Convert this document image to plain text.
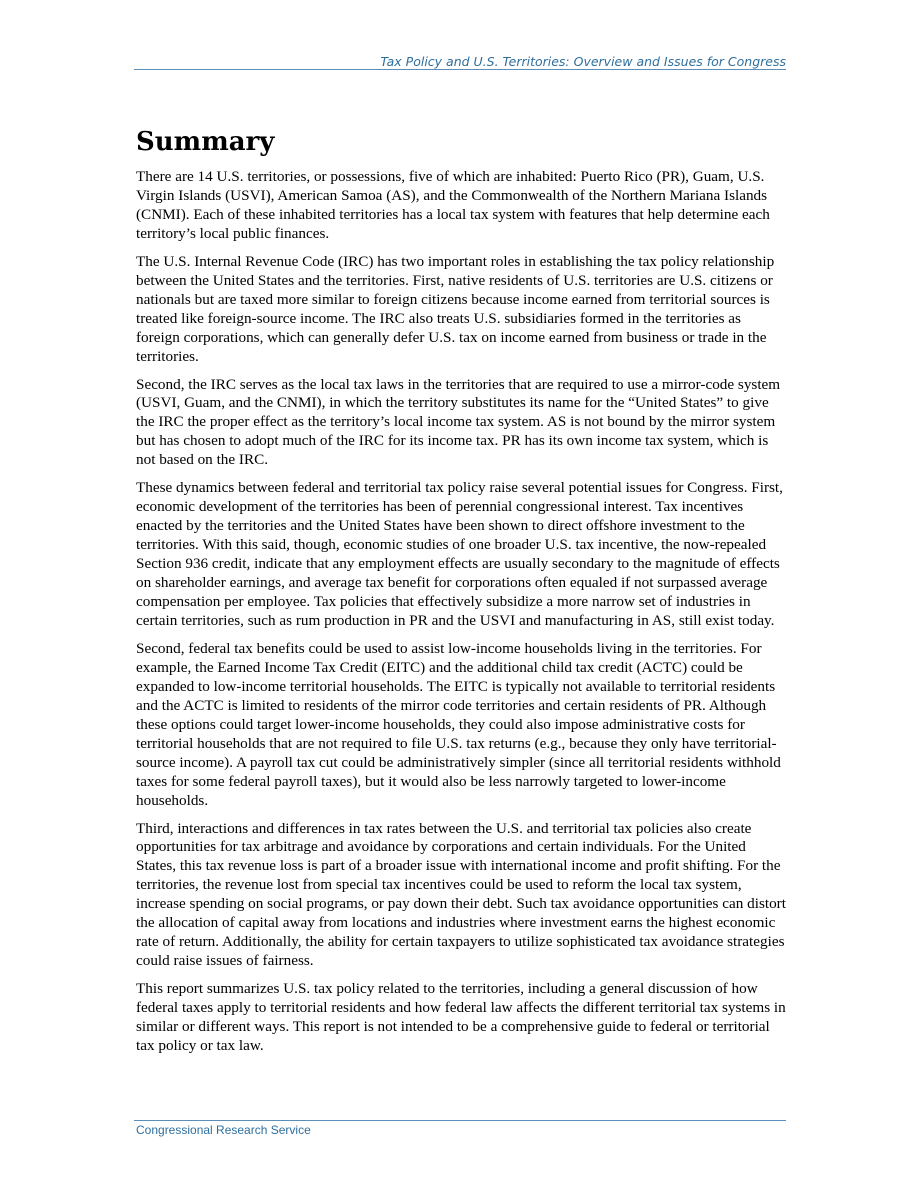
Tax Policy and U.S. Territories: Overview and Issues for Congress
Summary

There are 14 U.S. territories, or possessions, five of which are inhabited: Puerto Rico (PR), Guam, U.S. Virgin Islands (USVI), American Samoa (AS), and the Commonwealth of the Northern Mariana Islands (CNMI). Each of these inhabited territories has a local tax system with features that help determine each territory’s local public finances.

The U.S. Internal Revenue Code (IRC) has two important roles in establishing the tax policy relationship between the United States and the territories. First, native residents of U.S. territories are U.S. citizens or nationals but are taxed more similar to foreign citizens because income earned from territorial sources is treated like foreign-source income. The IRC also treats U.S. subsidiaries formed in the territories as foreign corporations, which can generally defer U.S. tax on income earned from business or trade in the territories.

Second, the IRC serves as the local tax laws in the territories that are required to use a mirror-code system (USVI, Guam, and the CNMI), in which the territory substitutes its name for the “United States” to give the IRC the proper effect as the territory’s local income tax system. AS is not bound by the mirror system but has chosen to adopt much of the IRC for its income tax. PR has its own income tax system, which is not based on the IRC.

These dynamics between federal and territorial tax policy raise several potential issues for Congress. First, economic development of the territories has been of perennial congressional interest. Tax incentives enacted by the territories and the United States have been shown to direct offshore investment to the territories. With this said, though, economic studies of one broader U.S. tax incentive, the now-repealed Section 936 credit, indicate that any employment effects are usually secondary to the magnitude of effects on shareholder earnings, and average tax benefit for corporations often equaled if not surpassed average compensation per employee. Tax policies that effectively subsidize a more narrow set of industries in certain territories, such as rum production in PR and the USVI and manufacturing in AS, still exist today.

Second, federal tax benefits could be used to assist low-income households living in the territories. For example, the Earned Income Tax Credit (EITC) and the additional child tax credit (ACTC) could be expanded to low-income territorial households. The EITC is typically not available to territorial residents and the ACTC is limited to residents of the mirror code territories and certain residents of PR. Although these options could target lower-income households, they could also impose administrative costs for territorial households that are not required to file U.S. tax returns (e.g., because they only have territorial-source income). A payroll tax cut could be administratively simpler (since all territorial residents withhold taxes for some federal payroll taxes), but it would also be less narrowly targeted to lower-income households.

Third, interactions and differences in tax rates between the U.S. and territorial tax policies also create opportunities for tax arbitrage and avoidance by corporations and certain individuals. For the United States, this tax revenue loss is part of a broader issue with international income and profit shifting. For the territories, the revenue lost from special tax incentives could be used to reform the local tax system, increase spending on social programs, or pay down their debt. Such tax avoidance opportunities can distort the allocation of capital away from locations and industries where investment earns the highest economic rate of return. Additionally, the ability for certain taxpayers to utilize sophisticated tax avoidance strategies could raise issues of fairness.

This report summarizes U.S. tax policy related to the territories, including a general discussion of how federal taxes apply to territorial residents and how federal law affects the different territorial tax systems in similar or different ways. This report is not intended to be a comprehensive guide to federal or territorial tax policy or tax law.

Congressional Research Service
